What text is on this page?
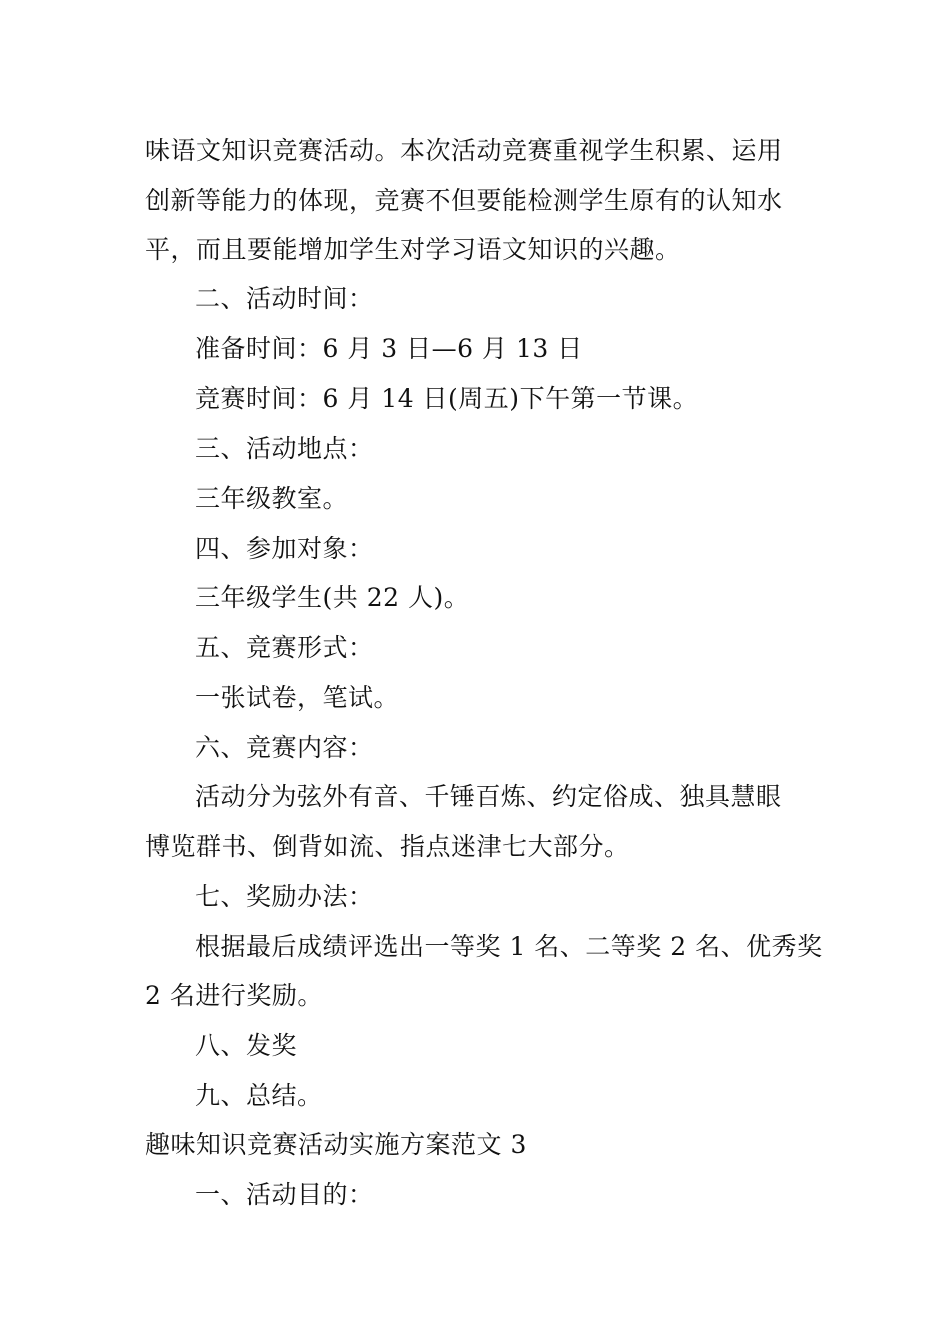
味语文知识竞赛活动。本次活动竞赛重视学生积累、运用

创新等能力的体现，竞赛不但要能检测学生原有的认知水

平，而且要能增加学生对学习语文知识的兴趣。

二、活动时间：

准备时间：6 月 3 日—6 月 13 日

竞赛时间：6 月 14 日(周五)下午第一节课。

三、活动地点：

三年级教室。

四、参加对象：

三年级学生(共 22 人)。

五、竞赛形式：

一张试卷，笔试。

六、竞赛内容：

活动分为弦外有音、千锤百炼、约定俗成、独具慧眼

博览群书、倒背如流、指点迷津七大部分。

七、奖励办法：

根据最后成绩评选出一等奖 1 名、二等奖 2 名、优秀奖

2 名进行奖励。

八、发奖

九、总结。

趣味知识竞赛活动实施方案范文 3

一、活动目的：
